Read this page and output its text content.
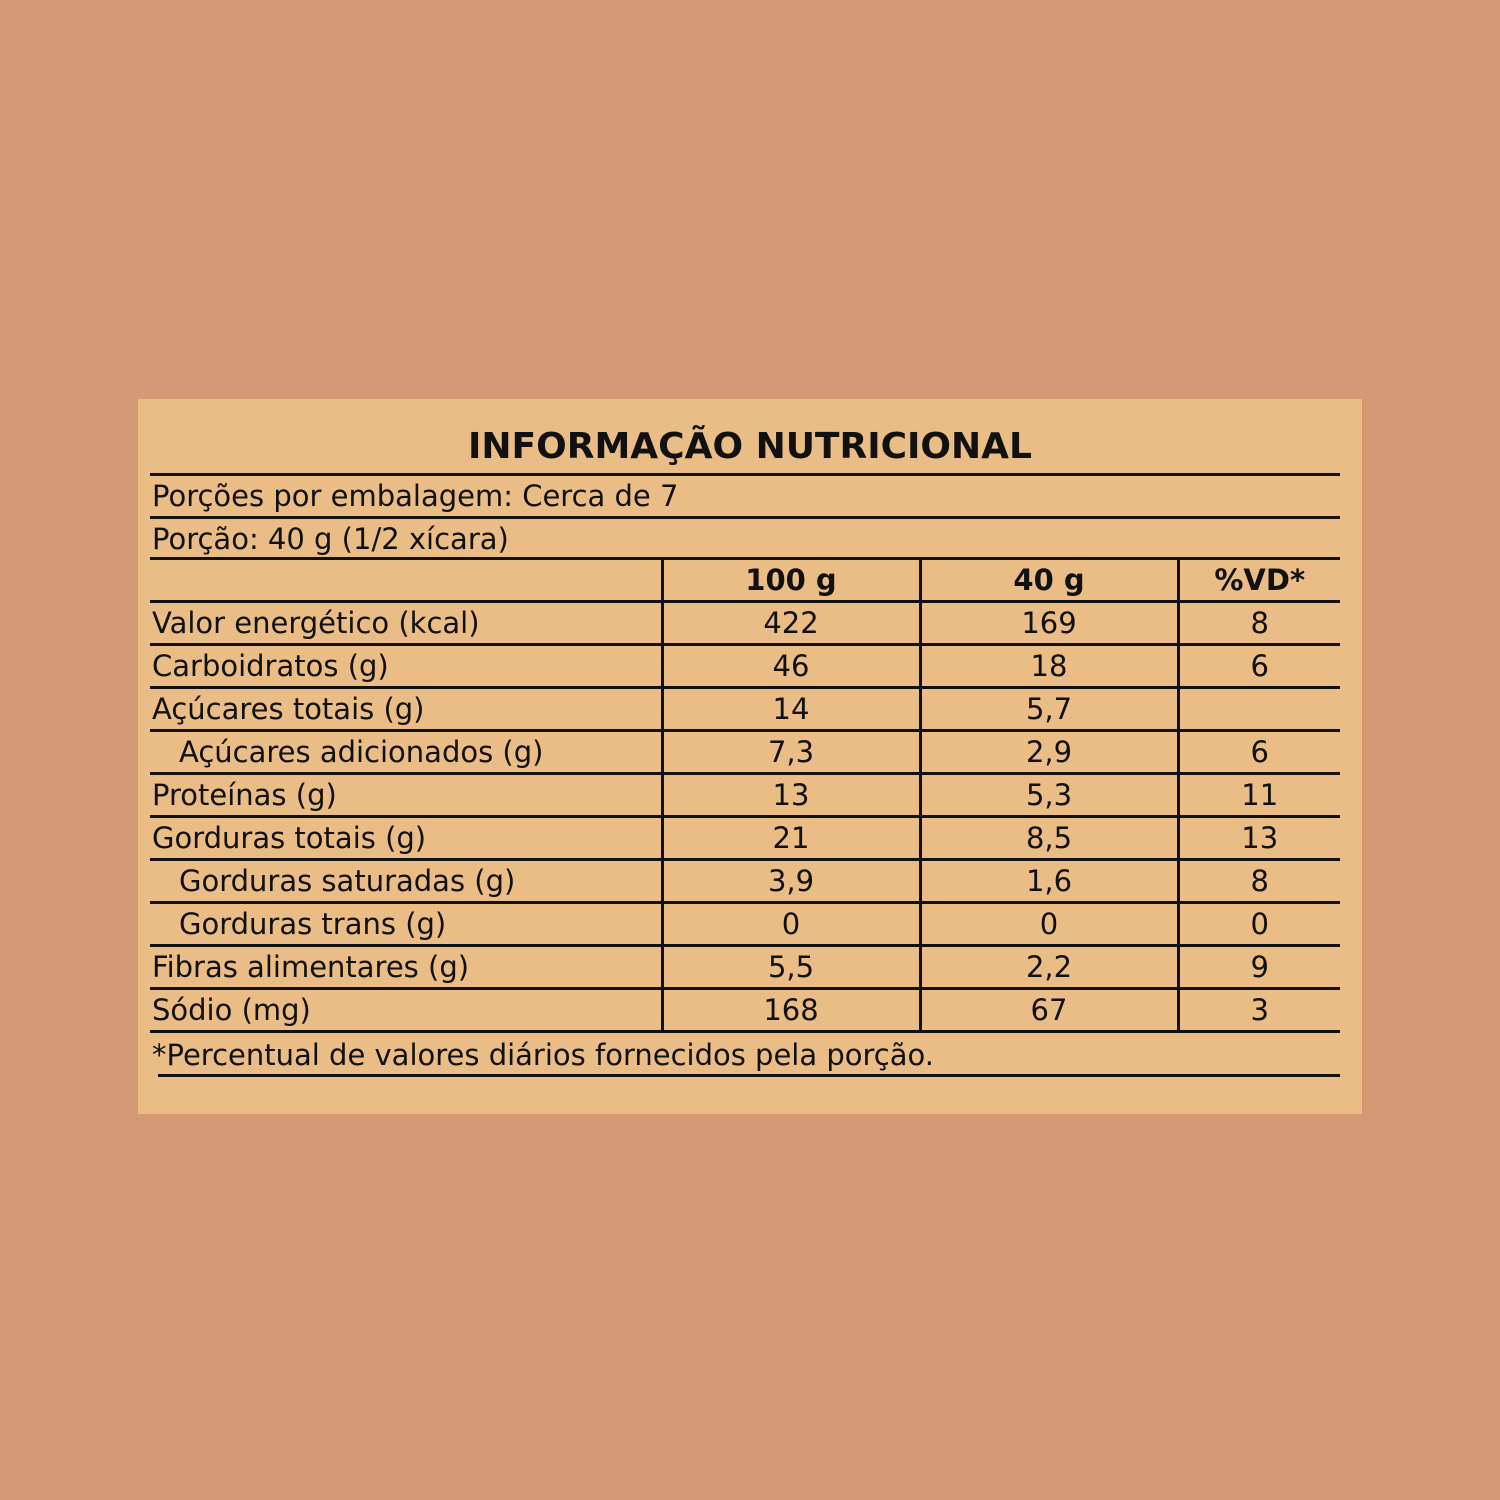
INFORMAÇÃO NUTRICIONAL
Porções por embalagem: Cerca de 7
Porção: 40 g (1/2 xícara)
	100 g	40 g	%VD*
Valor energético (kcal)	422	169	8
Carboidratos (g)	46	18	6
Açúcares totais (g)	14	5,7	
Açúcares adicionados (g)	7,3	2,9	6
Proteínas (g)	13	5,3	11
Gorduras totais (g)	21	8,5	13
Gorduras saturadas (g)	3,9	1,6	8
Gorduras trans (g)	0	0	0
Fibras alimentares (g)	5,5	2,2	9
Sódio (mg)	168	67	3
*Percentual de valores diários fornecidos pela porção.
